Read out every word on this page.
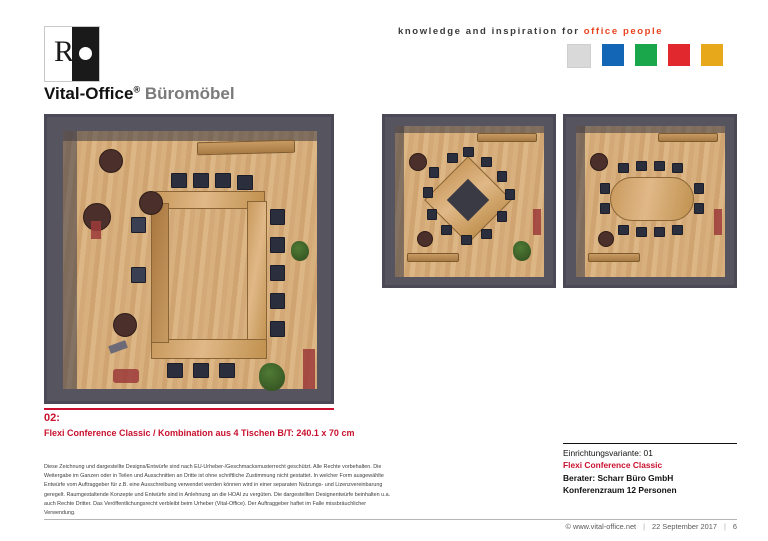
knowledge and inspiration for office people
R
Vital-Office® Büromöbel
02:
Flexi Conference Classic / Kombination aus 4 Tischen B/T: 240.1 x 70 cm
Diese Zeichnung und dargestellte Designs/Entwürfe sind nach EU-Urheber-/Geschmacksmusterrecht geschützt. Alle Rechte vorbehalten. Die Weitergabe im Ganzen oder in Teilen und Ausschnitten an Dritte ist ohne schriftliche Zustimmung nicht gestattet. In welcher Form ausgewählte Entwürfe vom Auftraggeber für z.B. eine Ausschreibung verwendet werden können wird in einer separaten Nutzungs- und Lizenzvereinbarung geregelt. Raumgestaltende Konzepte und Entwürfe sind in Anlehnung an die HOAI zu vergüten. Die dargestellten Designentwürfe beinhalten u.a. auch Rechte Dritter. Das Veröffentlichungsrecht verbleibt beim Urheber (Vital-Office). Der Auftraggeber haftet im Falle missbräuchlicher Verwendung.
Einrichtungsvariante: 01
Flexi Conference Classic
Berater: Scharr Büro GmbH
Konferenzraum 12 Personen
© www.vital-office.net | 22 September 2017 | 6
